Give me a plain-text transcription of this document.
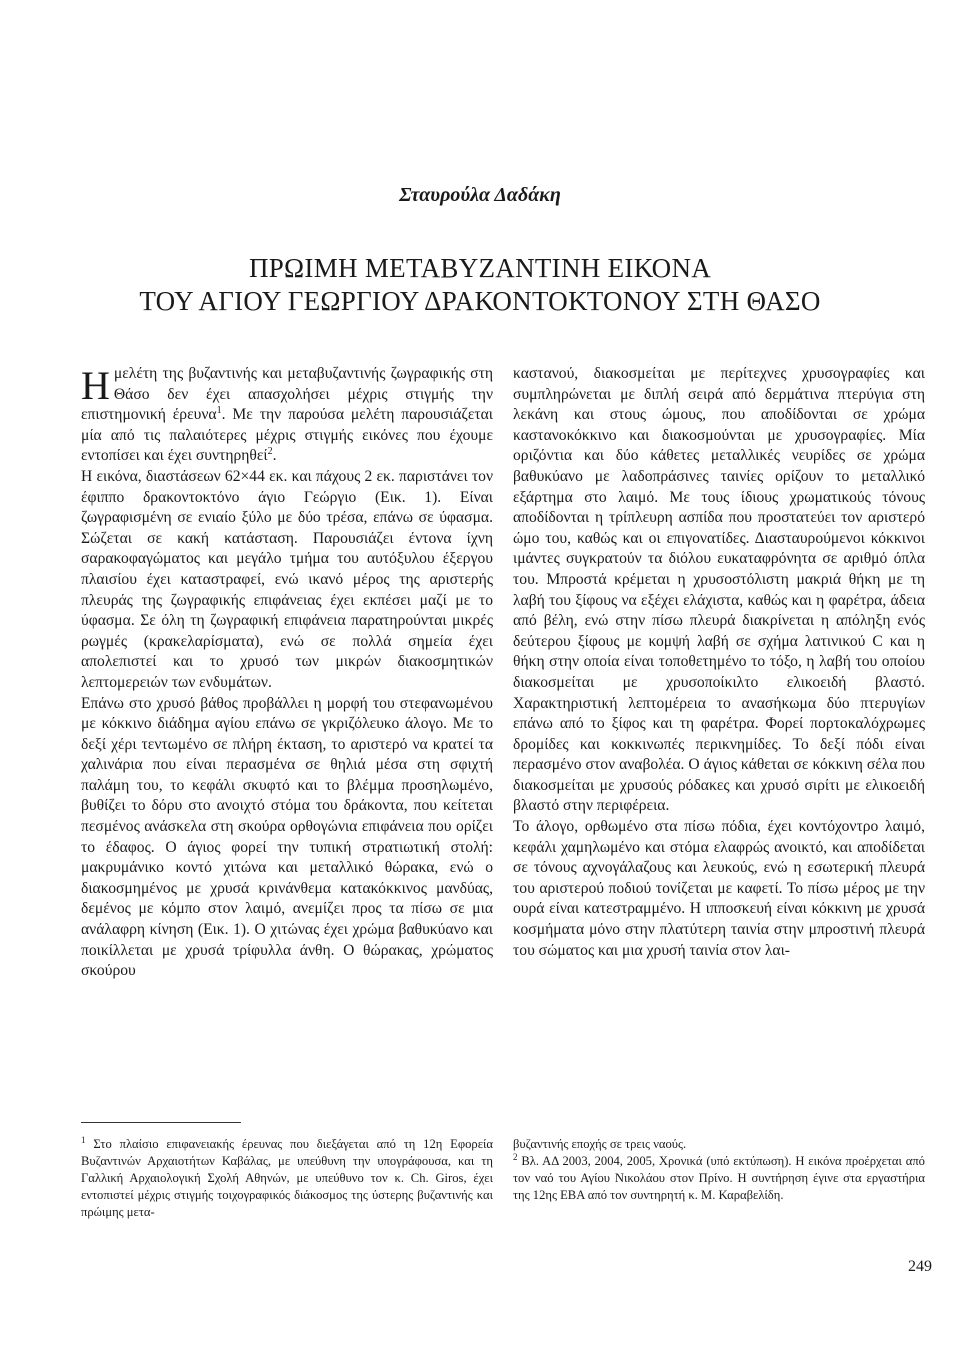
Σταυρούλα Δαδάκη
ΠΡΩΙΜΗ ΜΕΤΑΒΥΖΑΝΤΙΝΗ ΕΙΚΟΝΑ
ΤΟΥ ΑΓΙΟΥ ΓΕΩΡΓΙΟΥ ΔΡΑΚΟΝΤΟΚΤΟΝΟΥ ΣΤΗ ΘΑΣΟ

Ημελέτη της βυζαντινής και μεταβυζαντινής ζωγραφικής στη Θάσο δεν έχει απασχολήσει μέχρις στιγμής την επιστημονική έρευνα$^1$. Με την παρούσα μελέτη παρουσιάζεται μία από τις παλαιότερες μέχρις στιγμής εικόνες που έχουμε εντοπίσει και έχει συντηρηθεί$^2$.

Η εικόνα, διαστάσεων 62×44 εκ. και πάχους 2 εκ. παριστάνει τον έφιππο δρακοντοκτόνο άγιο Γεώργιο (Εικ. 1). Είναι ζωγραφισμένη σε ενιαίο ξύλο με δύο τρέσα, επάνω σε ύφασμα. Σώζεται σε κακή κατάσταση. Παρουσιάζει έντονα ίχνη σαρακοφαγώματος και μεγάλο τμήμα του αυτόξυλου έξεργου πλαισίου έχει καταστραφεί, ενώ ικανό μέρος της αριστερής πλευράς της ζωγραφικής επιφάνειας έχει εκπέσει μαζί με το ύφασμα. Σε όλη τη ζωγραφική επιφάνεια παρατηρούνται μικρές ρωγμές (κρακελαρίσματα), ενώ σε πολλά σημεία έχει απολεπιστεί και το χρυσό των μικρών διακοσμητικών λεπτομερειών των ενδυμάτων.

Επάνω στο χρυσό βάθος προβάλλει η μορφή του στεφανωμένου με κόκκινο διάδημα αγίου επάνω σε γκριζόλευκο άλογο. Με το δεξί χέρι τεντωμένο σε πλήρη έκταση, το αριστερό να κρατεί τα χαλινάρια που είναι περασμένα σε θηλιά μέσα στη σφιχτή παλάμη του, το κεφάλι σκυφτό και το βλέμμα προσηλωμένο, βυθίζει το δόρυ στο ανοιχτό στόμα του δράκοντα, που κείτεται πεσμένος ανάσκελα στη σκούρα ορθογώνια επιφάνεια που ορίζει το έδαφος. Ο άγιος φορεί την τυπική στρατιωτική στολή: μακρυμάνικο κοντό χιτώνα και μεταλλικό θώρακα, ενώ ο διακοσμημένος με χρυσά κρινάνθεμα κατακόκκινος μανδύας, δεμένος με κόμπο στον λαιμό, ανεμίζει προς τα πίσω σε μια ανάλαφρη κίνηση (Εικ. 1). Ο χιτώνας έχει χρώμα βαθυκύανο και ποικίλλεται με χρυσά τρίφυλλα άνθη. Ο θώρακας, χρώματος σκούρου

καστανού, διακοσμείται με περίτεχνες χρυσογραφίες και συμπληρώνεται με διπλή σειρά από δερμάτινα πτερύγια στη λεκάνη και στους ώμους, που αποδίδονται σε χρώμα καστανοκόκκινο και διακοσμούνται με χρυσογραφίες. Μία οριζόντια και δύο κάθετες μεταλλικές νευρίδες σε χρώμα βαθυκύανο με λαδοπράσινες ταινίες ορίζουν το μεταλλικό εξάρτημα στο λαιμό. Με τους ίδιους χρωματικούς τόνους αποδίδονται η τρίπλευρη ασπίδα που προστατεύει τον αριστερό ώμο του, καθώς και οι επιγονατίδες. Διασταυρούμενοι κόκκινοι ιμάντες συγκρατούν τα διόλου ευκαταφρόνητα σε αριθμό όπλα του. Μπροστά κρέμεται η χρυσοστόλιστη μακριά θήκη με τη λαβή του ξίφους να εξέχει ελάχιστα, καθώς και η φαρέτρα, άδεια από βέλη, ενώ στην πίσω πλευρά διακρίνεται η απόληξη ενός δεύτερου ξίφους με κομψή λαβή σε σχήμα λατινικού C και η θήκη στην οποία είναι τοποθετημένο το τόξο, η λαβή του οποίου διακοσμείται με χρυσοποίκιλτο ελικοειδή βλαστό. Χαρακτηριστική λεπτομέρεια το ανασήκωμα δύο πτερυγίων επάνω από το ξίφος και τη φαρέτρα. Φορεί πορτοκαλόχρωμες δρομίδες και κοκκινωπές περικνημίδες. Το δεξί πόδι είναι περασμένο στον αναβολέα. Ο άγιος κάθεται σε κόκκινη σέλα που διακοσμείται με χρυσούς ρόδακες και χρυσό σιρίτι με ελικοειδή βλαστό στην περιφέρεια.

Το άλογο, ορθωμένο στα πίσω πόδια, έχει κοντόχοντρο λαιμό, κεφάλι χαμηλωμένο και στόμα ελαφρώς ανοικτό, και αποδίδεται σε τόνους αχνογάλαζους και λευκούς, ενώ η εσωτερική πλευρά του αριστερού ποδιού τονίζεται με καφετί. Το πίσω μέρος με την ουρά είναι κατεστραμμένο. Η ιπποσκευή είναι κόκκινη με χρυσά κοσμήματα μόνο στην πλατύτερη ταινία στην μπροστινή πλευρά του σώματος και μια χρυσή ταινία στον λαι-

$^1$ Στο πλαίσιο επιφανειακής έρευνας που διεξάγεται από τη 12η Εφορεία Βυζαντινών Αρχαιοτήτων Καβάλας, με υπεύθυνη την υπογράφουσα, και τη Γαλλική Αρχαιολογική Σχολή Αθηνών, με υπεύθυνο τον κ. Ch. Giros, έχει εντοπιστεί μέχρις στιγμής τοιχογραφικός διάκοσμος της ύστερης βυζαντινής και πρώιμης μετα-

βυζαντινής εποχής σε τρεις ναούς.

$^2$ Βλ. ΑΔ 2003, 2004, 2005, Χρονικά (υπό εκτύπωση). Η εικόνα προέρχεται από τον ναό του Αγίου Νικολάου στον Πρίνο. Η συντήρηση έγινε στα εργαστήρια της 12ης ΕΒΑ από τον συντηρητή κ. Μ. Καραβελίδη.

249
